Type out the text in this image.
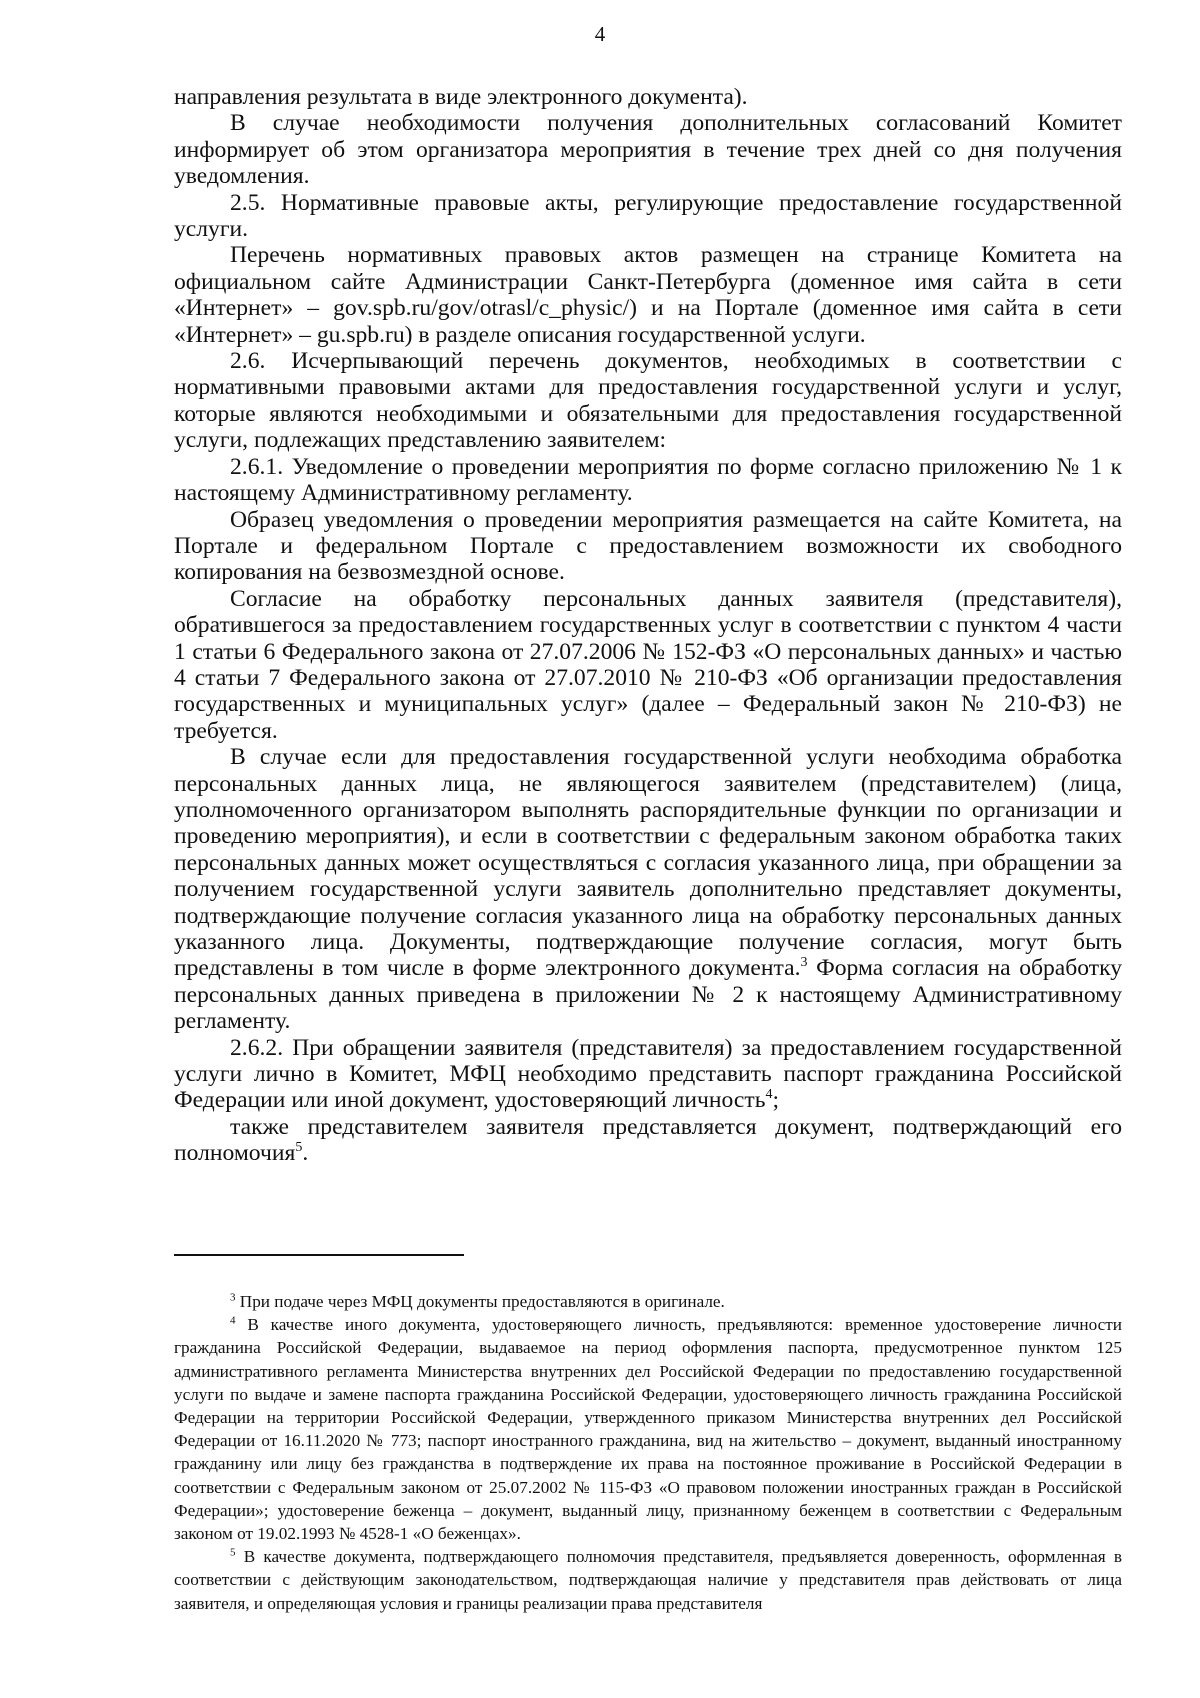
4

направления результата в виде электронного документа).

В случае необходимости получения дополнительных согласований Комитет информирует об этом организатора мероприятия в течение трех дней со дня получения уведомления.

2.5. Нормативные правовые акты, регулирующие предоставление государственной услуги.

Перечень нормативных правовых актов размещен на странице Комитета на официальном сайте Администрации Санкт-Петербурга (доменное имя сайта в сети «Интернет» – gov.spb.ru/gov/otrasl/c_physic/) и на Портале (доменное имя сайта в сети «Интернет» – gu.spb.ru) в разделе описания государственной услуги.

2.6. Исчерпывающий перечень документов, необходимых в соответствии с нормативными правовыми актами для предоставления государственной услуги и услуг, которые являются необходимыми и обязательными для предоставления государственной услуги, подлежащих представлению заявителем:

2.6.1. Уведомление о проведении мероприятия по форме согласно приложению № 1 к настоящему Административному регламенту.

Образец уведомления о проведении мероприятия размещается на сайте Комитета, на Портале и федеральном Портале с предоставлением возможности их свободного копирования на безвозмездной основе.

Согласие на обработку персональных данных заявителя (представителя), обратившегося за предоставлением государственных услуг в соответствии с пунктом 4 части 1 статьи 6 Федерального закона от 27.07.2006 № 152-ФЗ «О персональных данных» и частью 4 статьи 7 Федерального закона от 27.07.2010 № 210-ФЗ «Об организации предоставления государственных и муниципальных услуг» (далее – Федеральный закон № 210-ФЗ) не требуется.

В случае если для предоставления государственной услуги необходима обработка персональных данных лица, не являющегося заявителем (представителем) (лица, уполномоченного организатором выполнять распорядительные функции по организации и проведению мероприятия), и если в соответствии с федеральным законом обработка таких персональных данных может осуществляться с согласия указанного лица, при обращении за получением государственной услуги заявитель дополнительно представляет документы, подтверждающие получение согласия указанного лица на обработку персональных данных указанного лица. Документы, подтверждающие получение согласия, могут быть представлены в том числе в форме электронного документа.$^3$ Форма согласия на обработку персональных данных приведена в приложении № 2 к настоящему Административному регламенту.

2.6.2. При обращении заявителя (представителя) за предоставлением государственной услуги лично в Комитет, МФЦ необходимо представить паспорт гражданина Российской Федерации или иной документ, удостоверяющий личность$^4$;

также представителем заявителя представляется документ, подтверждающий его полномочия$^5$.

$^3$ При подаче через МФЦ документы предоставляются в оригинале.

$^4$ В качестве иного документа, удостоверяющего личность, предъявляются: временное удостоверение личности гражданина Российской Федерации, выдаваемое на период оформления паспорта, предусмотренное пунктом 125 административного регламента Министерства внутренних дел Российской Федерации по предоставлению государственной услуги по выдаче и замене паспорта гражданина Российской Федерации, удостоверяющего личность гражданина Российской Федерации на территории Российской Федерации, утвержденного приказом Министерства внутренних дел Российской Федерации от 16.11.2020 № 773; паспорт иностранного гражданина, вид на жительство – документ, выданный иностранному гражданину или лицу без гражданства в подтверждение их права на постоянное проживание в Российской Федерации в соответствии с Федеральным законом от 25.07.2002 № 115-ФЗ «О правовом положении иностранных граждан в Российской Федерации»; удостоверение беженца – документ, выданный лицу, признанному беженцем в соответствии с Федеральным законом от 19.02.1993 № 4528-1 «О беженцах».

$^5$ В качестве документа, подтверждающего полномочия представителя, предъявляется доверенность, оформленная в соответствии с действующим законодательством, подтверждающая наличие у представителя прав действовать от лица заявителя, и определяющая условия и границы реализации права представителя
